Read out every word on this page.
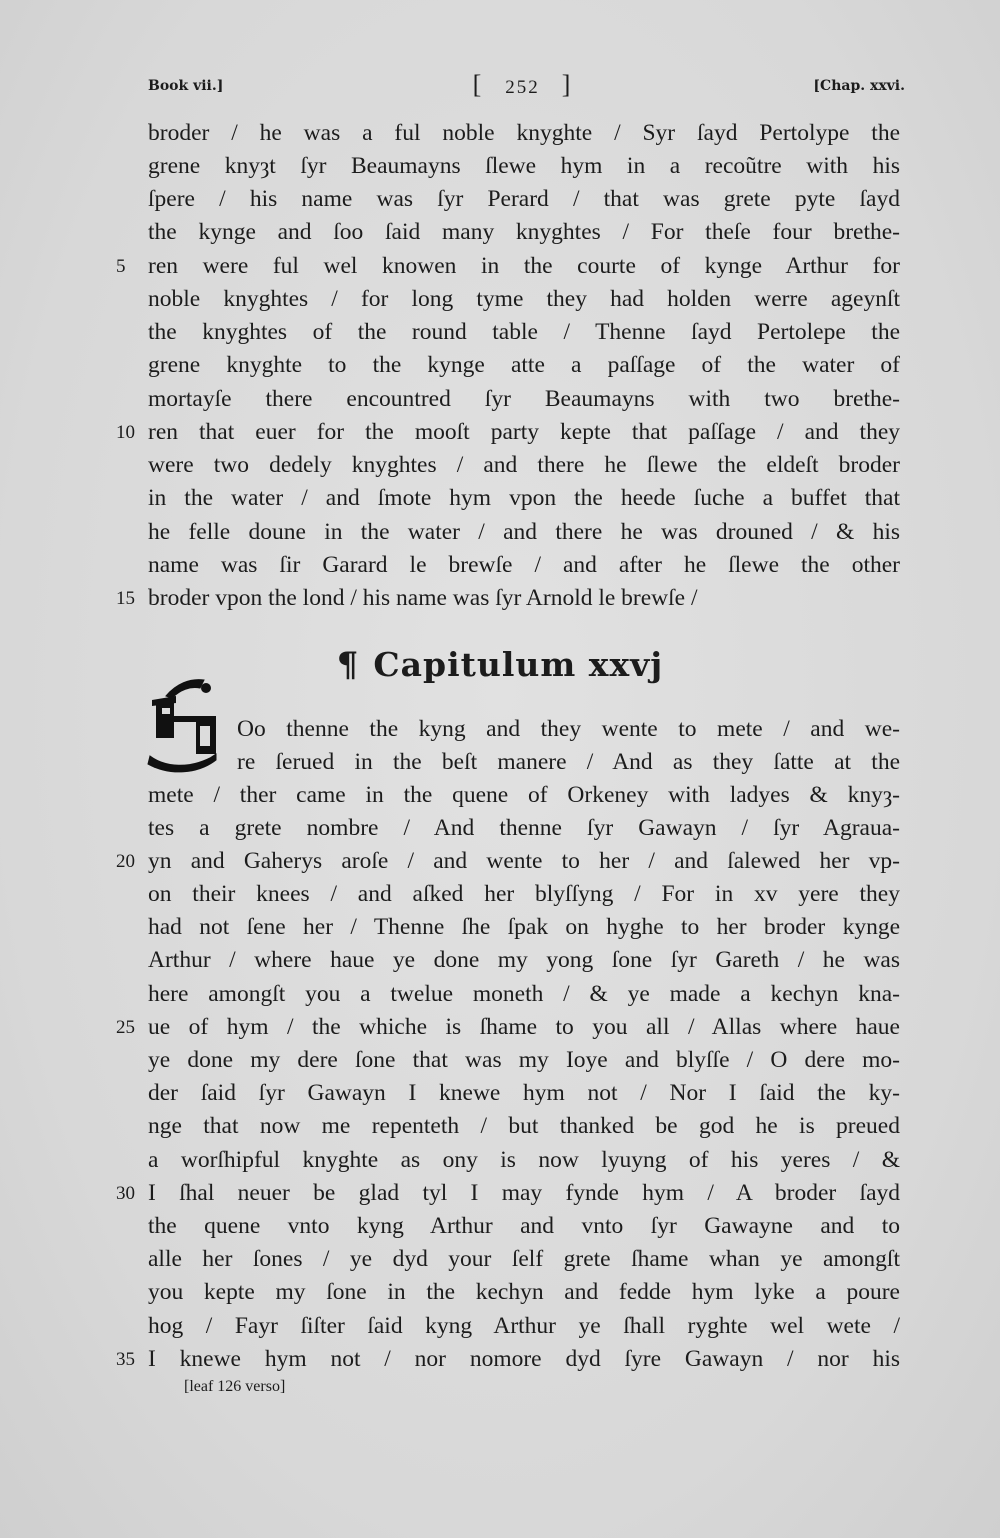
Book vii.]	[ 252 ]	[Chap. xxvi.
5
10
15
20
25
30
35
broder / he was a ful noble knyghte / Syr ſayd Pertolype the
grene knyȝt ſyr Beaumayns ſlewe hym in a recoũtre with his
ſpere / his name was ſyr Perard / that was grete pyte ſayd
the kynge and ſoo ſaid many knyghtes / For theſe four brethe-
ren were ful wel knowen in the courte of kynge Arthur for
noble knyghtes / for long tyme they had holden werre ageynſt
the knyghtes of the round table / Thenne ſayd Pertolepe the
grene knyghte to the kynge atte a paſſage of the water of
mortayſe there encountred ſyr Beaumayns with two brethe-
ren that euer for the mooſt party kepte that paſſage / and they
were two dedely knyghtes / and there he ſlewe the eldeſt broder
in the water / and ſmote hym vpon the heede ſuche a buffet that
he felle doune in the water / and there he was drouned / & his
name was ſir Garard le brewſe / and after he ſlewe the other
broder vpon the lond / his name was ſyr Arnold le brewſe /
¶ Capitulum xxvj
Oo thenne the kyng and they wente to mete / and we-
re ſerued in the beſt manere / And as they ſatte at the
mete / ther came in the quene of Orkeney with ladyes & knyȝ-
tes a grete nombre / And thenne ſyr Gawayn / ſyr Agraua-
yn and Gaherys aroſe / and wente to her / and ſalewed her vp-
on their knees / and aſked her blyſſyng / For in xv yere they
had not ſene her / Thenne ſhe ſpak on hyghe to her broder kynge
Arthur / where haue ye done my yong ſone ſyr Gareth / he was
here amongſt you a twelue moneth / & ye made a kechyn kna-
ue of hym / the whiche is ſhame to you all / Allas where haue
ye done my dere ſone that was my Ioye and blyſſe / O dere mo-
der ſaid ſyr Gawayn I knewe hym not / Nor I ſaid the ky-
nge that now me repenteth / but thanked be god he is preued
a worſhipful knyghte as ony is now lyuyng of his yeres / &
I ſhal neuer be glad tyl I may fynde hym / A broder ſayd
the quene vnto kyng Arthur and vnto ſyr Gawayne and to
alle her ſones / ye dyd your ſelf grete ſhame whan ye amongſt
you kepte my ſone in the kechyn and fedde hym lyke a poure
hog / Fayr ſiſter ſaid kyng Arthur ye ſhall ryghte wel wete /
I knewe hym not / nor nomore dyd ſyre Gawayn / nor his
[leaf 126 verso]
